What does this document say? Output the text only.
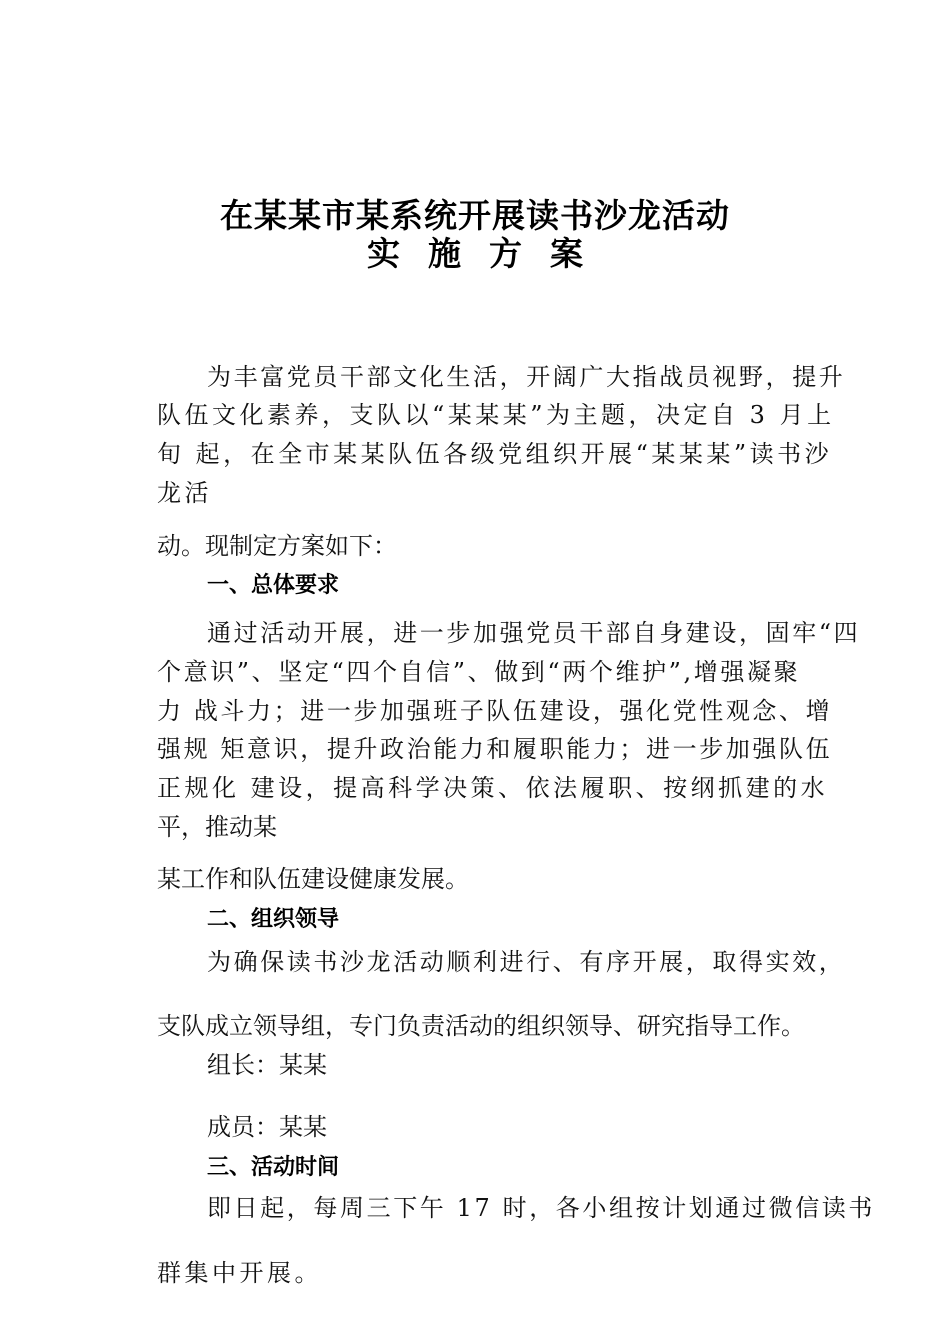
在某某市某系统开展读书沙龙活动
实施方案
为丰富党员干部文化生活，开阔广大指战员视野，提升
队伍文化素养，支队以“某某某”为主题，决定自 3 月上
旬 起，在全市某某队伍各级党组织开展“某某某”读书沙
龙活
动。现制定方案如下：
一、总体要求
通过活动开展，进一步加强党员干部自身建设，固牢“四
个意识”、坚定“四个自信”、做到“两个维护”,增强凝聚
力 战斗力；进一步加强班子队伍建设，强化党性观念、增
强规 矩意识，提升政治能力和履职能力；进一步加强队伍
正规化 建设，提高科学决策、依法履职、按纲抓建的水
平，推动某
某工作和队伍建设健康发展。
二、组织领导
为确保读书沙龙活动顺利进行、有序开展，取得实效，
支队成立领导组，专门负责活动的组织领导、研究指导工作。
组长：某某
成员：某某
三、活动时间
即日起，每周三下午 17 时，各小组按计划通过微信读书
群集中开展。
